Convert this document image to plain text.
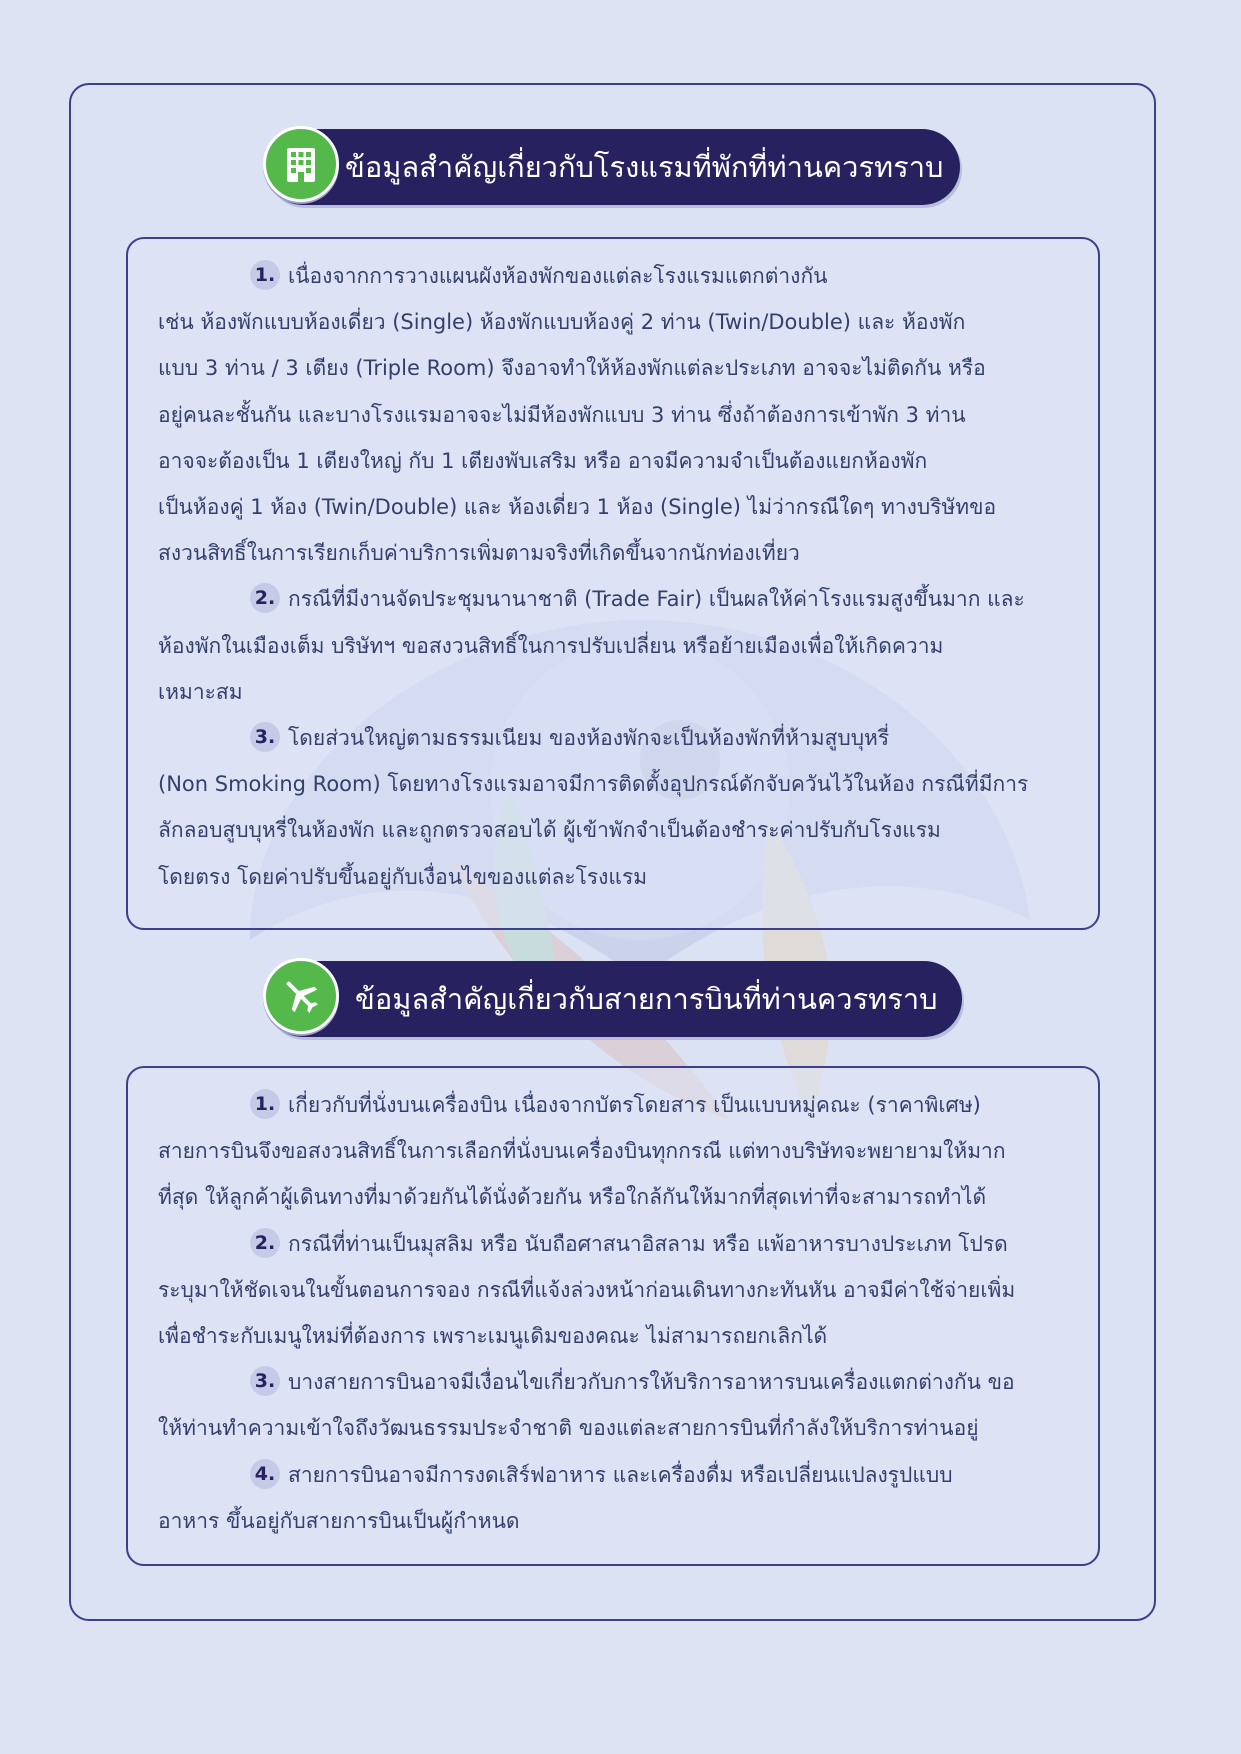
ข้อมูลสำคัญเกี่ยวกับโรงแรมที่พักที่ท่านควรทราบ

1. เนื่องจากการวางแผนผังห้องพักของแต่ละโรงแรมแตกต่างกัน
เช่น ห้องพักแบบห้องเดี่ยว (Single) ห้องพักแบบห้องคู่ 2 ท่าน (Twin/Double) และ ห้องพัก
แบบ 3 ท่าน / 3 เตียง (Triple Room) จึงอาจทำให้ห้องพักแต่ละประเภท อาจจะไม่ติดกัน หรือ
อยู่คนละชั้นกัน และบางโรงแรมอาจจะไม่มีห้องพักแบบ 3 ท่าน ซึ่งถ้าต้องการเข้าพัก 3 ท่าน
อาจจะต้องเป็น 1 เตียงใหญ่ กับ 1 เตียงพับเสริม หรือ อาจมีความจำเป็นต้องแยกห้องพัก
เป็นห้องคู่ 1 ห้อง (Twin/Double) และ ห้องเดี่ยว 1 ห้อง (Single) ไม่ว่ากรณีใดๆ ทางบริษัทขอ
สงวนสิทธิ์ในการเรียกเก็บค่าบริการเพิ่มตามจริงที่เกิดขึ้นจากนักท่องเที่ยว

2. กรณีที่มีงานจัดประชุมนานาชาติ (Trade Fair) เป็นผลให้ค่าโรงแรมสูงขึ้นมาก และ
ห้องพักในเมืองเต็ม บริษัทฯ ขอสงวนสิทธิ์ในการปรับเปลี่ยน หรือย้ายเมืองเพื่อให้เกิดความ
เหมาะสม

3. โดยส่วนใหญ่ตามธรรมเนียม ของห้องพักจะเป็นห้องพักที่ห้ามสูบบุหรี่
(Non Smoking Room) โดยทางโรงแรมอาจมีการติดตั้งอุปกรณ์ดักจับควันไว้ในห้อง กรณีที่มีการ
ลักลอบสูบบุหรี่ในห้องพัก และถูกตรวจสอบได้ ผู้เข้าพักจำเป็นต้องชำระค่าปรับกับโรงแรม
โดยตรง โดยค่าปรับขึ้นอยู่กับเงื่อนไขของแต่ละโรงแรม

ข้อมูลสำคัญเกี่ยวกับสายการบินที่ท่านควรทราบ

1. เกี่ยวกับที่นั่งบนเครื่องบิน เนื่องจากบัตรโดยสาร เป็นแบบหมู่คณะ (ราคาพิเศษ)
สายการบินจึงขอสงวนสิทธิ์ในการเลือกที่นั่งบนเครื่องบินทุกกรณี แต่ทางบริษัทจะพยายามให้มาก
ที่สุด ให้ลูกค้าผู้เดินทางที่มาด้วยกันได้นั่งด้วยกัน หรือใกล้กันให้มากที่สุดเท่าที่จะสามารถทำได้

2. กรณีที่ท่านเป็นมุสลิม หรือ นับถือศาสนาอิสลาม หรือ แพ้อาหารบางประเภท โปรด
ระบุมาให้ชัดเจนในขั้นตอนการจอง กรณีที่แจ้งล่วงหน้าก่อนเดินทางกะทันหัน อาจมีค่าใช้จ่ายเพิ่ม
เพื่อชำระกับเมนูใหม่ที่ต้องการ เพราะเมนูเดิมของคณะ ไม่สามารถยกเลิกได้

3. บางสายการบินอาจมีเงื่อนไขเกี่ยวกับการให้บริการอาหารบนเครื่องแตกต่างกัน ขอ
ให้ท่านทำความเข้าใจถึงวัฒนธรรมประจำชาติ ของแต่ละสายการบินที่กำลังให้บริการท่านอยู่

4. สายการบินอาจมีการงดเสิร์ฟอาหาร และเครื่องดื่ม หรือเปลี่ยนแปลงรูปแบบ
อาหาร ขึ้นอยู่กับสายการบินเป็นผู้กำหนด
